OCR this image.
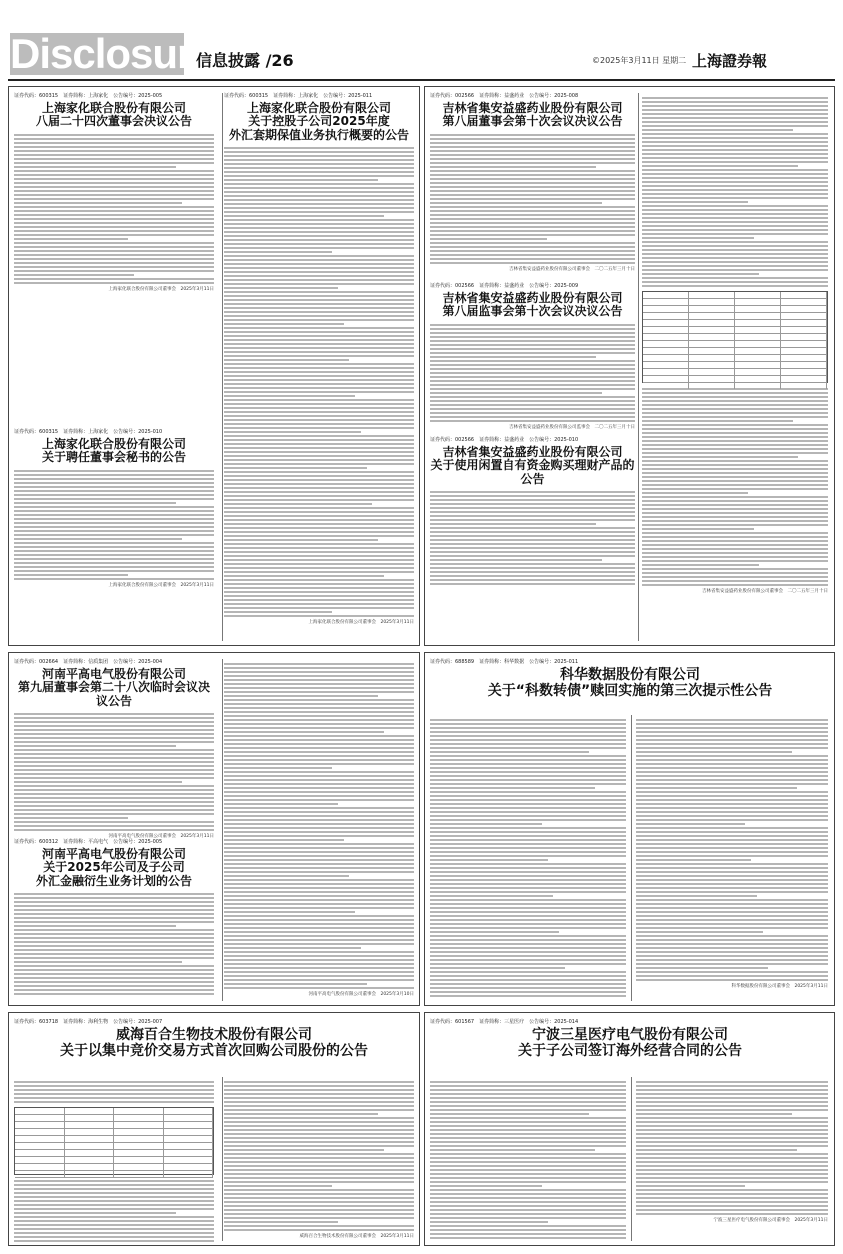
Disclosure
信息披露 /26	©2025年3月11日 星期二 上海證券報
证券代码：600315　证券简称：上海家化　公告编号：2025-005
上海家化联合股份有限公司
八届二十四次董事会决议公告
上海家化联合股份有限公司董事会　2025年3月11日
证券代码：600315　证券简称：上海家化　公告编号：2025-010
上海家化联合股份有限公司
关于聘任董事会秘书的公告
上海家化联合股份有限公司董事会　2025年3月11日
证券代码：600315　证券简称：上海家化　公告编号：2025-011
上海家化联合股份有限公司
关于控股子公司2025年度
外汇套期保值业务执行概要的公告
上海家化联合股份有限公司董事会　2025年3月11日
证券代码：002566　证券简称：益盛药业　公告编号：2025-008
吉林省集安益盛药业股份有限公司
第八届董事会第十次会议决议公告
吉林省集安益盛药业股份有限公司董事会　二〇二五年三月十日
证券代码：002566　证券简称：益盛药业　公告编号：2025-009
吉林省集安益盛药业股份有限公司
第八届监事会第十次会议决议公告
吉林省集安益盛药业股份有限公司监事会　二〇二五年三月十日
证券代码：002566　证券简称：益盛药业　公告编号：2025-010
吉林省集安益盛药业股份有限公司
关于使用闲置自有资金购买理财产品的公告
吉林省集安益盛药业股份有限公司董事会　二〇二五年三月十日
证券代码：002664　证券简称：信质集团　公告编号：2025-004
河南平高电气股份有限公司
第九届董事会第二十八次临时会议决议公告
河南平高电气股份有限公司董事会　2025年3月11日
证券代码：600312　证券简称：平高电气　公告编号：2025-005
河南平高电气股份有限公司
关于2025年公司及子公司
外汇金融衍生业务计划的公告
河南平高电气股份有限公司董事会　2025年3月10日
证券代码：688589　证券简称：科华数据　公告编号：2025-011
科华数据股份有限公司
关于“科数转债”赎回实施的第三次提示性公告
科华数据股份有限公司董事会　2025年3月11日
证券代码：603718　证券简称：海利生物　公告编号：2025-007
威海百合生物技术股份有限公司
关于以集中竞价交易方式首次回购公司股份的公告
威海百合生物技术股份有限公司董事会　2025年3月11日
证券代码：601567　证券简称：三星医疗　公告编号：2025-014
宁波三星医疗电气股份有限公司
关于子公司签订海外经营合同的公告
宁波三星医疗电气股份有限公司董事会　2025年3月11日
